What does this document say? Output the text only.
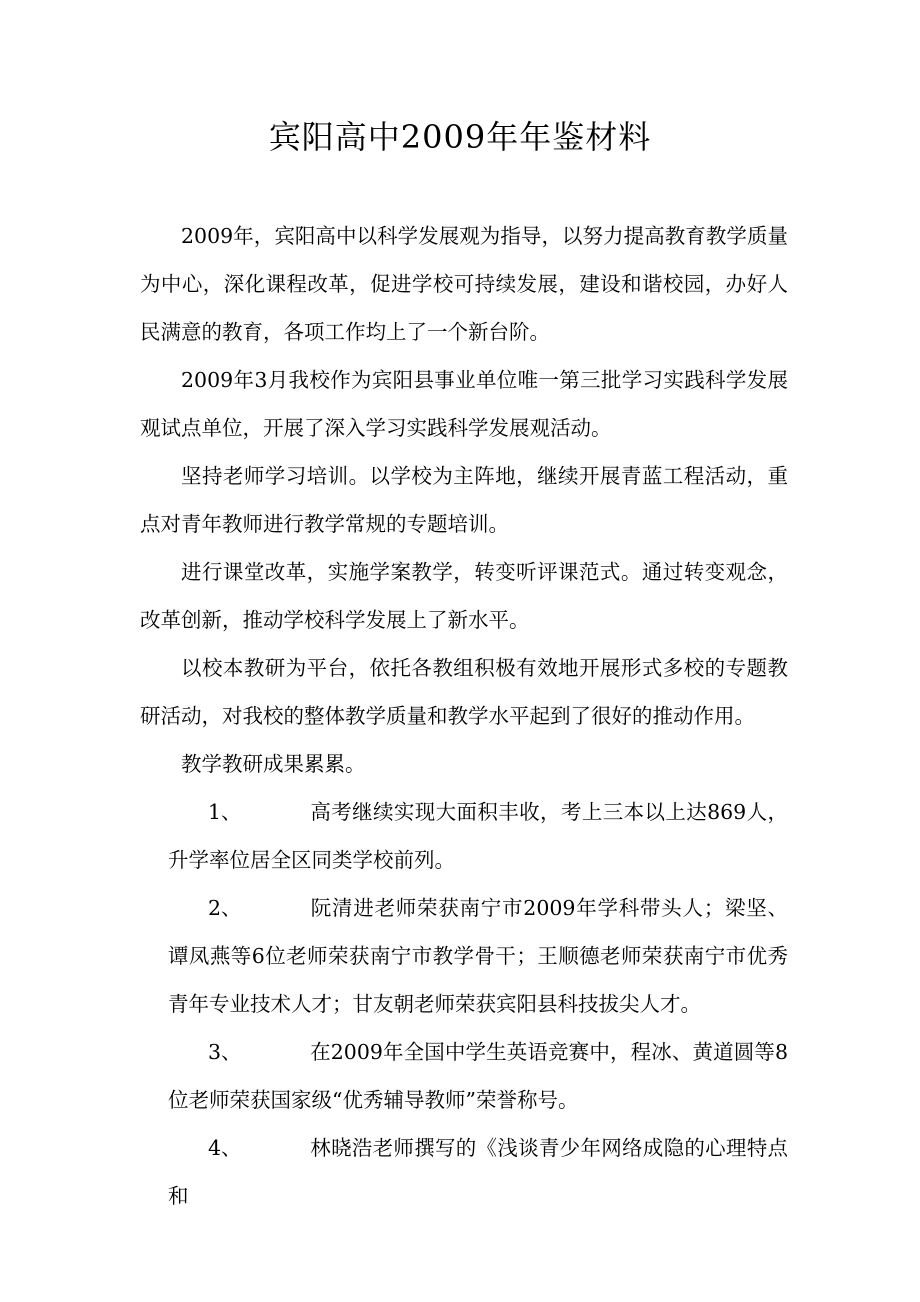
宾阳高中2009年年鉴材料
2009年，宾阳高中以科学发展观为指导，以努力提高教育教学质量为中心，深化课程改革，促进学校可持续发展，建设和谐校园，办好人民满意的教育，各项工作均上了一个新台阶。
2009年3月我校作为宾阳县事业单位唯一第三批学习实践科学发展观试点单位，开展了深入学习实践科学发展观活动。
坚持老师学习培训。以学校为主阵地，继续开展青蓝工程活动，重点对青年教师进行教学常规的专题培训。
进行课堂改革，实施学案教学，转变听评课范式。通过转变观念，改革创新，推动学校科学发展上了新水平。
以校本教研为平台，依托各教组积极有效地开展形式多校的专题教研活动，对我校的整体教学质量和教学水平起到了很好的推动作用。
教学教研成果累累。
1、	高考继续实现大面积丰收，考上三本以上达869人，升学率位居全区同类学校前列。
2、	阮清进老师荣获南宁市2009年学科带头人；梁坚、谭凤燕等6位老师荣获南宁市教学骨干；王顺德老师荣获南宁市优秀青年专业技术人才；甘友朝老师荣获宾阳县科技拔尖人才。
3、	在2009年全国中学生英语竞赛中，程冰、黄道圆等8位老师荣获国家级“优秀辅导教师”荣誉称号。
4、	林晓浩老师撰写的《浅谈青少年网络成隐的心理特点和
